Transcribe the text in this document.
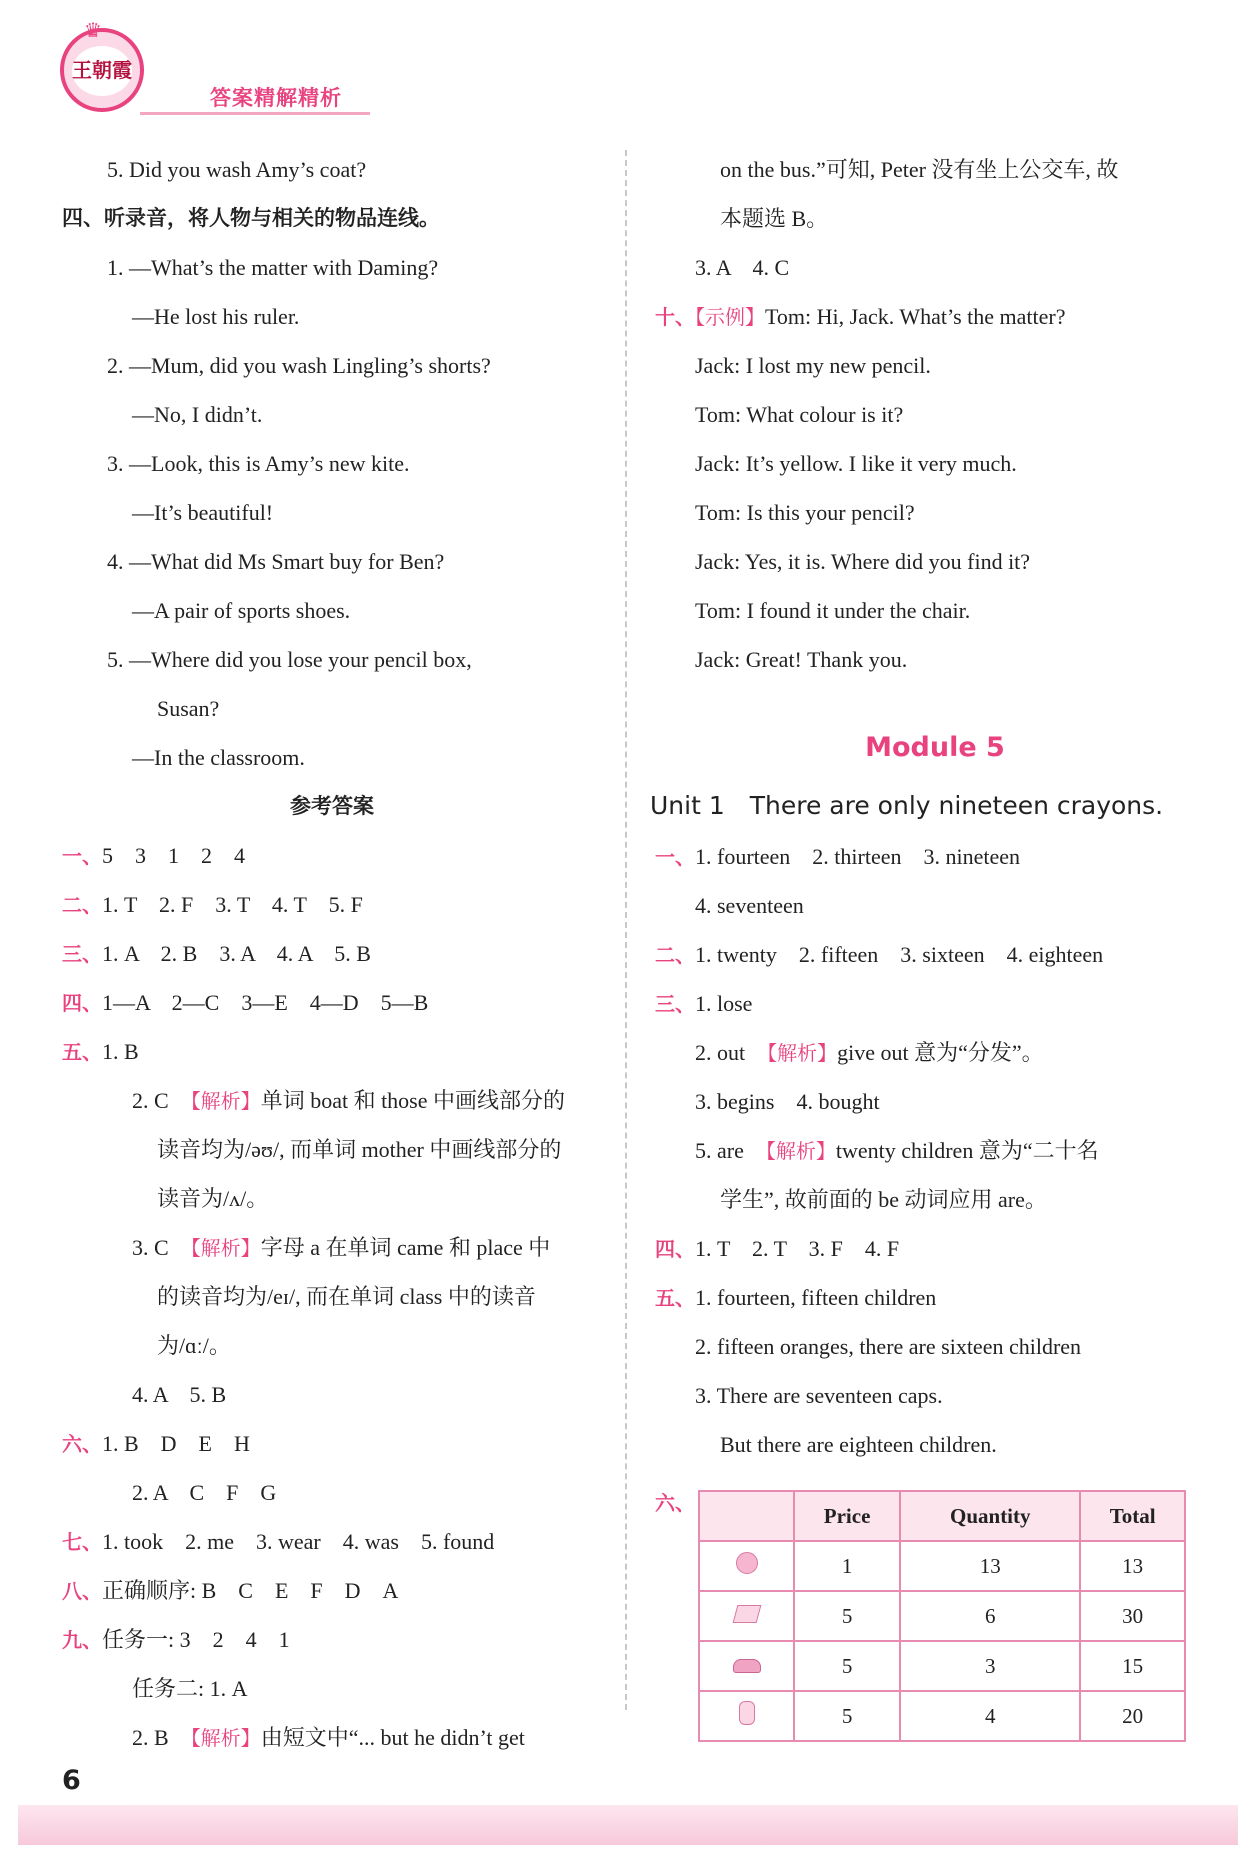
♛
王朝霞
答案精解精析
5. Did you wash Amy’s coat?
四、听录音，将人物与相关的物品连线。
1. —What’s the matter with Daming?
—He lost his ruler.
2. —Mum, did you wash Lingling’s shorts?
—No, I didn’t.
3. —Look, this is Amy’s new kite.
—It’s beautiful!
4. —What did Ms Smart buy for Ben?
—A pair of sports shoes.
5. —Where did you lose your pencil box,
Susan?
—In the classroom.
参考答案
一、5　3　1　2　4
二、1. T　2. F　3. T　4. T　5. F
三、1. A　2. B　3. A　4. A　5. B
四、1—A　2—C　3—E　4—D　5—B
五、1. B
2. C　【解析】单词 boat 和 those 中画线部分的
读音均为/əʊ/, 而单词 mother 中画线部分的
读音为/ʌ/。
3. C　【解析】字母 a 在单词 came 和 place 中
的读音均为/eɪ/, 而在单词 class 中的读音
为/ɑː/。
4. A　5. B
六、1. B　D　E　H
2. A　C　F　G
七、1. took　2. me　3. wear　4. was　5. found
八、正确顺序: B　C　E　F　D　A
九、任务一: 3　2　4　1
任务二: 1. A
2. B　【解析】由短文中“... but he didn’t get
on the bus.”可知, Peter 没有坐上公交车, 故
本题选 B。
3. A　4. C
十、【示例】Tom: Hi, Jack. What’s the matter?
Jack: I lost my new pencil.
Tom: What colour is it?
Jack: It’s yellow. I like it very much.
Tom: Is this your pencil?
Jack: Yes, it is. Where did you find it?
Tom: I found it under the chair.
Jack: Great! Thank you.
Module 5
Unit 1　There are only nineteen crayons.
一、1. fourteen　2. thirteen　3. nineteen
4. seventeen
二、1. twenty　2. fifteen　3. sixteen　4. eighteen
三、1. lose
2. out　【解析】give out 意为“分发”。
3. begins　4. bought
5. are　【解析】twenty children 意为“二十名
学生”, 故前面的 be 动词应用 are。
四、1. T　2. T　3. F　4. F
五、1. fourteen, fifteen children
2. fifteen oranges, there are sixteen children
3. There are seventeen caps.
But there are eighteen children.
六、
	Price	Quantity	Total
	1	13	13
	5	6	30
	5	3	15
	5	4	20
6
